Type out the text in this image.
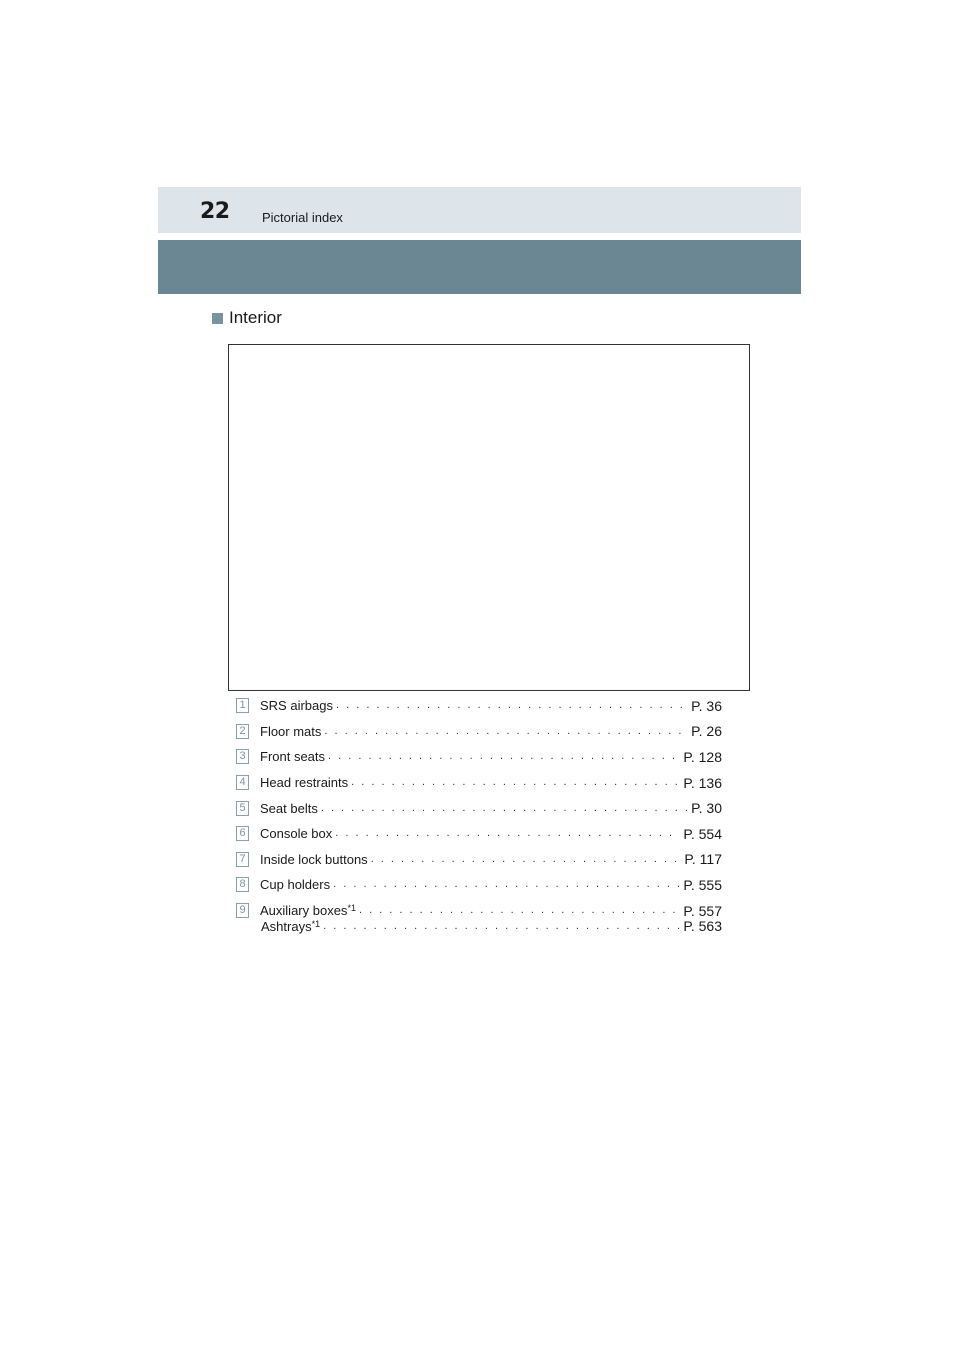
22 Pictorial index
Interior
1 SRS airbags . . .	P. 36
2 Floor mats . . .	P. 26
3 Front seats . . .	P. 128
4 Head restraints . . .	P. 136
5 Seat belts . . .	P. 30
6 Console box . . .	P. 554
7 Inside lock buttons . . .	P. 117
8 Cup holders . . .	P. 555
9 Auxiliary boxes$^{*1}$ . . .	P. 557
Ashtrays$^{*1}$ . . .	P. 563
